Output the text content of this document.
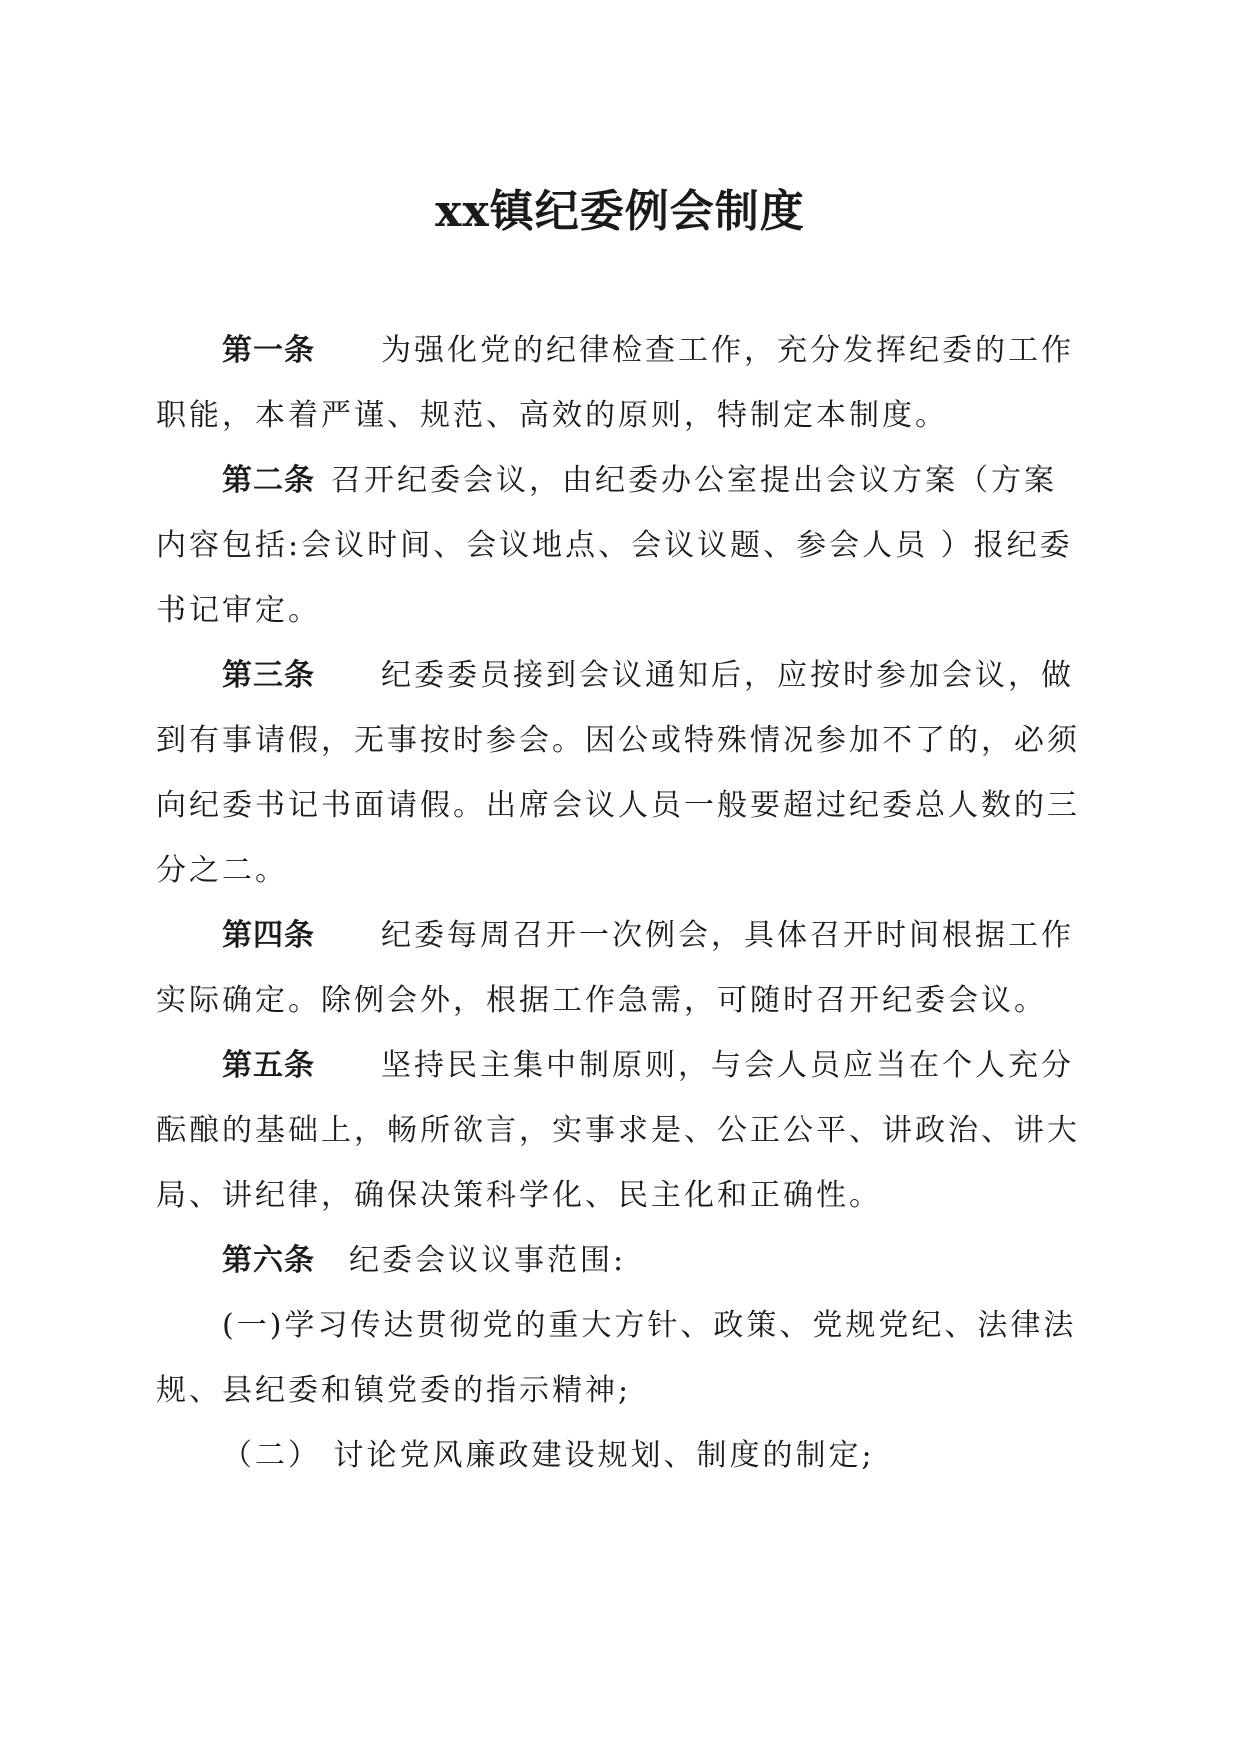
xx镇纪委例会制度

第一条 为强化党的纪律检查工作，充分发挥纪委的工作职能，本着严谨、规范、高效的原则，特制定本制度。

第二条 召开纪委会议，由纪委办公室提出会议方案（方案内容包括:会议时间、会议地点、会议议题、参会人员 ）报纪委书记审定。

第三条 纪委委员接到会议通知后，应按时参加会议，做到有事请假，无事按时参会。因公或特殊情况参加不了的，必须向纪委书记书面请假。出席会议人员一般要超过纪委总人数的三分之二。

第四条 纪委每周召开一次例会，具体召开时间根据工作实际确定。除例会外，根据工作急需，可随时召开纪委会议。

第五条 坚持民主集中制原则，与会人员应当在个人充分酝酿的基础上，畅所欲言，实事求是、公正公平、讲政治、讲大局、讲纪律，确保决策科学化、民主化和正确性。

第六条 纪委会议议事范围:

(一)学习传达贯彻党的重大方针、政策、党规党纪、法律法规、县纪委和镇党委的指示精神;

（二） 讨论党风廉政建设规划、制度的制定;
